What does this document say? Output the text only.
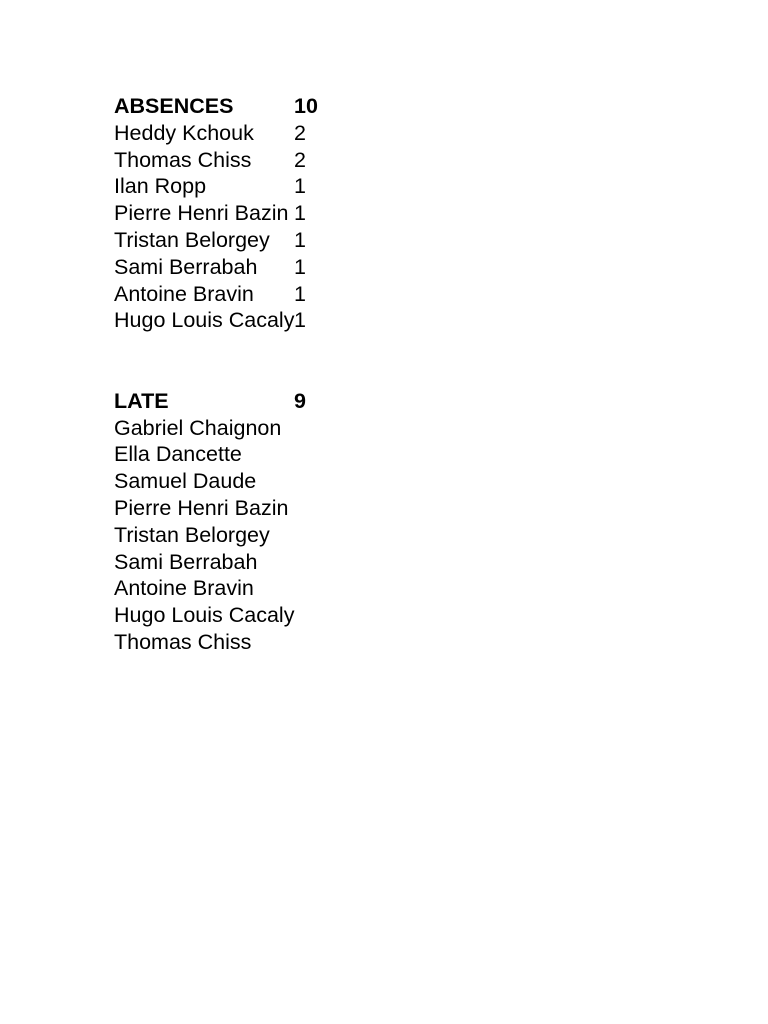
ABSENCES	10
Heddy Kchouk 2
Thomas Chiss 2
Ilan Ropp	1
Pierre Henri Bazin 1
Tristan Belorgey 1
Sami Berrabah 1
Antoine Bravin 1
Hugo Louis Cacaly 1
LATE	9
Gabriel Chaignon
Ella Dancette
Samuel Daude
Pierre Henri Bazin
Tristan Belorgey
Sami Berrabah
Antoine Bravin
Hugo Louis Cacaly
Thomas Chiss
